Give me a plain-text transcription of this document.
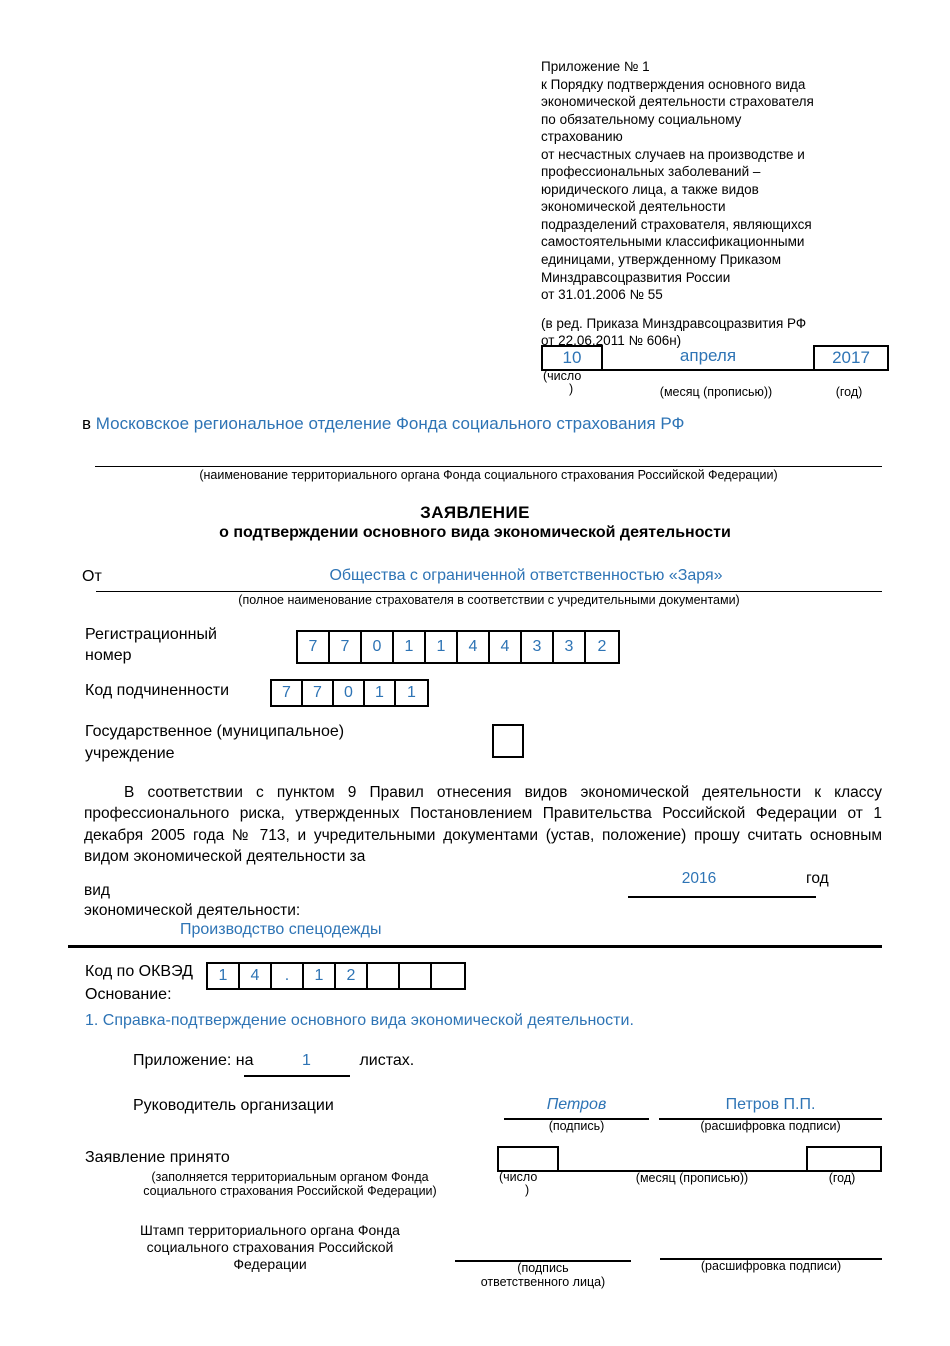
Приложение № 1

к Порядку подтверждения основного вида

экономической деятельности страхователя

по обязательному социальному

страхованию

от несчастных случаев на производстве и

профессиональных заболеваний –

юридического лица, а также видов

экономической деятельности

подразделений страхователя, являющихся

самостоятельными классификационными

единицами, утвержденному Приказом

Минздравсоцразвития России

от 31.01.2006 № 55

(в ред. Приказа Минздравсоцразвития РФ

от 22.06.2011 № 606н)

10	апреля	2017
(число
)	(месяц (прописью))	(год)
в Московское региональное отделение Фонда социального страхования РФ
(наименование территориального органа Фонда социального страхования Российской Федерации)
ЗАЯВЛЕНИЕ
о подтверждении основного вида экономической деятельности
От	Общества с ограниченной ответственностью «Заря»
(полное наименование страхователя в соответствии с учредительными документами)
Регистрационный
номер
7	7	0	1	1	4	4	3	3	2
Код подчиненности	7	7	0	1	1
Государственное (муниципальное)
учреждение
В соответствии с пунктом 9 Правил отнесения видов экономической деятельности к классу профессионального риска, утвержденных Постановлением Правительства Российской Федерации от 1 декабря 2005 года № 713, и учредительными документами (устав, положение) прошу считать основным видом экономической деятельности за
2016	год
вид
экономической деятельности:
Производство спецодежды
Код по ОКВЭД	1	4	.	1	2
Основание:
1. Справка-подтверждение основного вида экономической деятельности.
Приложение: на	1	листах.
Руководитель организации	Петров
(подпись)
Петров П.П.
(расшифровка подписи)
Заявление принято
(заполняется территориальным органом Фонда
социального страхования Российской Федерации)
(число
)
(месяц (прописью))	(год)
Штамп территориального органа Фонда
социального страхования Российской
Федерации	(подпись
ответственного лица)
(расшифровка подписи)
